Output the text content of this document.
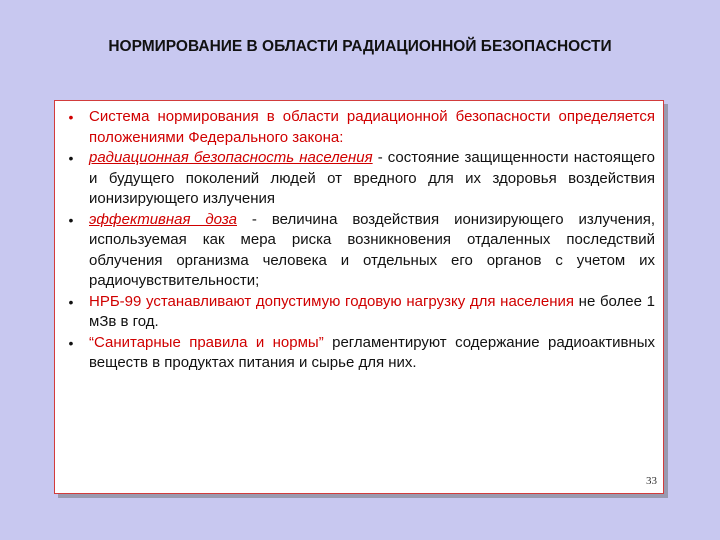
НОРМИРОВАНИЕ В ОБЛАСТИ РАДИАЦИОННОЙ БЕЗОПАСНОСТИ
• Система нормирования в области радиационной безопасности определяется положениями Федерального закона:
• радиационная безопасность населения - состояние защищенности настоящего и будущего поколений людей от вредного для их здоровья воздействия ионизирующего излучения
• эффективная доза - величина воздействия ионизирующего излучения, используемая как мера риска возникновения отдаленных последствий облучения организма человека и отдельных его органов с учетом их радиочувствительности;
• НРБ-99 устанавливают допустимую годовую нагрузку для населения не более 1 мЗв в год.
• “Санитарные правила и нормы” регламентируют содержание радиоактивных веществ в продуктах питания и сырье для них.
33
